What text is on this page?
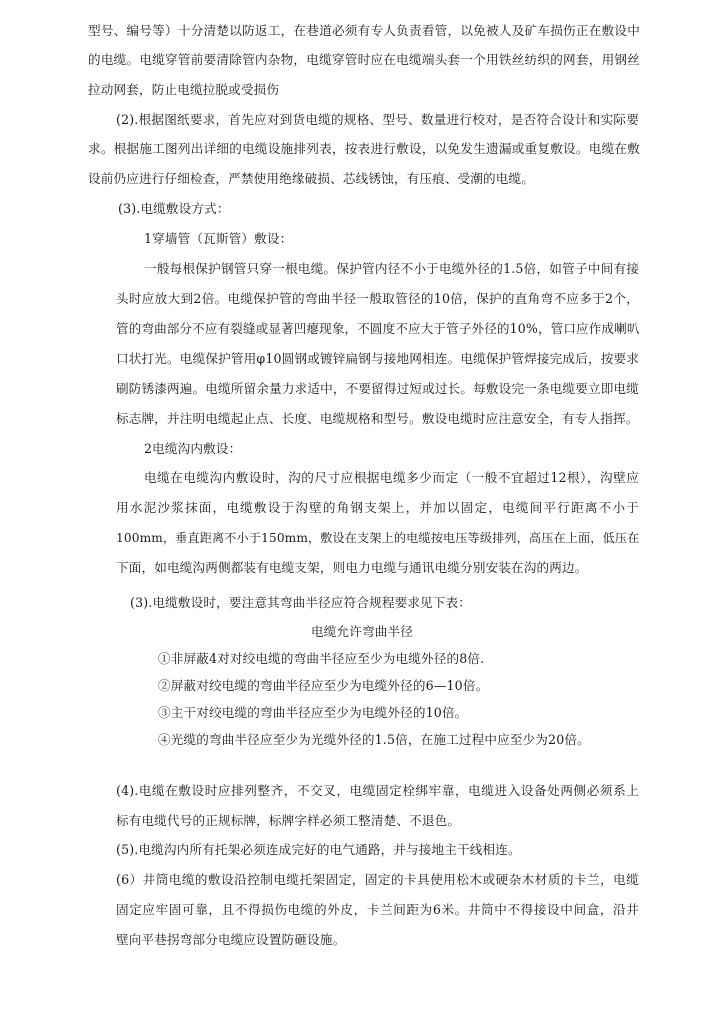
型号、编号等）十分清楚以防返工，在巷道必须有专人负责看管，以免被人及矿车损伤正在敷设中
的电缆。电缆穿管前要清除管内杂物，电缆穿管时应在电缆端头套一个用铁丝纺织的网套，用钢丝
拉动网套，防止电缆拉脱或受损伤
(2).根据图纸要求，首先应对到货电缆的规格、型号、数量进行校对，是否符合设计和实际要
求。根据施工图列出详细的电缆设施排列表，按表进行敷设，以免发生遗漏或重复敷设。电缆在敷
设前仍应进行仔细检查，严禁使用绝缘破损、芯线锈蚀，有压痕、受潮的电缆。
(3).电缆敷设方式：
1穿墙管（瓦斯管）敷设：
一般每根保护钢管只穿一根电缆。保护管内径不小于电缆外径的1.5倍，如管子中间有接
头时应放大到2倍。电缆保护管的弯曲半径一般取管径的10倍，保护的直角弯不应多于2个，
管的弯曲部分不应有裂缝或显著凹瘪现象，不圆度不应大于管子外径的10%，管口应作成喇叭
口状打光。电缆保护管用φ10圆钢或镀锌扁钢与接地网相连。电缆保护管焊接完成后，按要求
刷防锈漆两遍。电缆所留余量力求适中，不要留得过短或过长。每敷设完一条电缆要立即电缆
标志牌，并注明电缆起止点、长度、电缆规格和型号。敷设电缆时应注意安全，有专人指挥。
2电缆沟内敷设：
电缆在电缆沟内敷设时，沟的尺寸应根据电缆多少而定（一般不宜超过12根），沟壁应
用水泥沙浆抹面，电缆敷设于沟壁的角钢支架上，并加以固定，电缆间平行距离不小于
100mm，垂直距离不小于150mm，敷设在支架上的电缆按电压等级排列，高压在上面，低压在
下面，如电缆沟两侧都装有电缆支架，则电力电缆与通讯电缆分别安装在沟的两边。
(3).电缆敷设时，要注意其弯曲半径应符合规程要求见下表：
电缆允许弯曲半径
①非屏蔽4对对绞电缆的弯曲半径应至少为电缆外径的8倍.
②屏蔽对绞电缆的弯曲半径应至少为电缆外径的6—10倍。
③主干对绞电缆的弯曲半径应至少为电缆外径的10倍。
④光缆的弯曲半径应至少为光缆外径的1.5倍，在施工过程中应至少为20倍。
(4).电缆在敷设时应排列整齐，不交叉，电缆固定栓绑牢靠，电缆进入设备处两侧必须系上
标有电缆代号的正规标牌，标牌字样必须工整清楚、不退色。
(5).电缆沟内所有托架必须连成完好的电气通路，并与接地主干线相连。
(6）井筒电缆的敷设沿控制电缆托架固定，固定的卡具使用松木或硬杂木材质的卡兰，电缆
固定应牢固可靠，且不得损伤电缆的外皮，卡兰间距为6米。井筒中不得接设中间盒，沿井
壁向平巷拐弯部分电缆应设置防砸设施。
